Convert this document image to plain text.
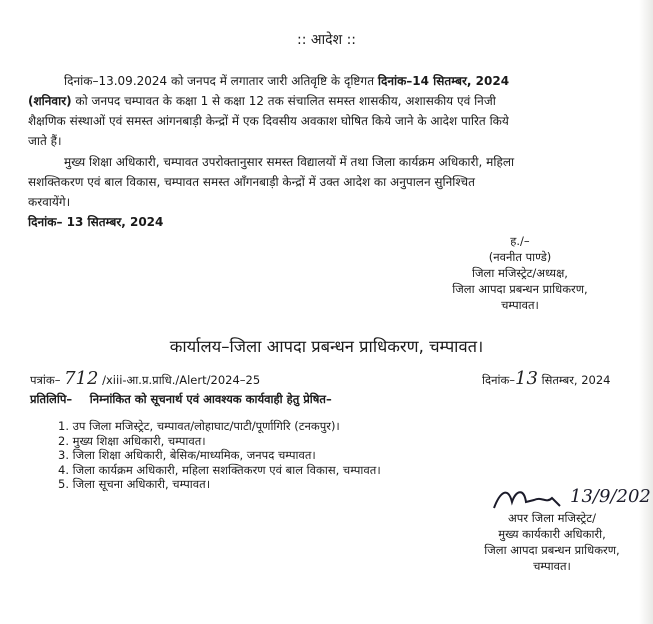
:: आदेश ::
दिनांक–13.09.2024 को जनपद में लगातार जारी अतिवृष्टि के दृष्टिगत दिनांक–14 सितम्बर, 2024
(शनिवार) को जनपद चम्पावत के कक्षा 1 से कक्षा 12 तक संचालित समस्त शासकीय, अशासकीय एवं निजी
शैक्षणिक संस्थाओं एवं समस्त आंगनबाड़ी केन्द्रों में एक दिवसीय अवकाश घोषित किये जाने के आदेश पारित किये
जाते हैं।
मुख्य शिक्षा अधिकारी, चम्पावत उपरोक्तानुसार समस्त विद्यालयों में तथा जिला कार्यक्रम अधिकारी, महिला
सशक्तिकरण एवं बाल विकास, चम्पावत समस्त आँगनबाड़ी केन्द्रों में उक्त आदेश का अनुपालन सुनिश्चित
करवायेंगे।
दिनांक– 13 सितम्बर, 2024
ह./–
(नवनीत पाण्डे)
जिला मजिस्ट्रेट/अध्यक्ष,
जिला आपदा प्रबन्धन प्राधिकरण,
चम्पावत।
कार्यालय–जिला आपदा प्रबन्धन प्राधिकरण, चम्पावत।
पत्रांक– 712 /xiii-आ.प्र.प्राधि./Alert/2024–25	दिनांक–13 सितम्बर, 2024
प्रतिलिपि– निम्नांकित को सूचनार्थ एवं आवश्यक कार्यवाही हेतु प्रेषित–
1. उप जिला मजिस्ट्रेट, चम्पावत/लोहाघाट/पाटी/पूर्णागिरि (टनकपुर)।
2. मुख्य शिक्षा अधिकारी, चम्पावत।
3. जिला शिक्षा अधिकारी, बेसिक/माध्यमिक, जनपद चम्पावत।
4. जिला कार्यक्रम अधिकारी, महिला सशक्तिकरण एवं बाल विकास, चम्पावत।
5. जिला सूचना अधिकारी, चम्पावत।
13/9/202
अपर जिला मजिस्ट्रेट/
मुख्य कार्यकारी अधिकारी,
जिला आपदा प्रबन्धन प्राधिकरण,
चम्पावत।
